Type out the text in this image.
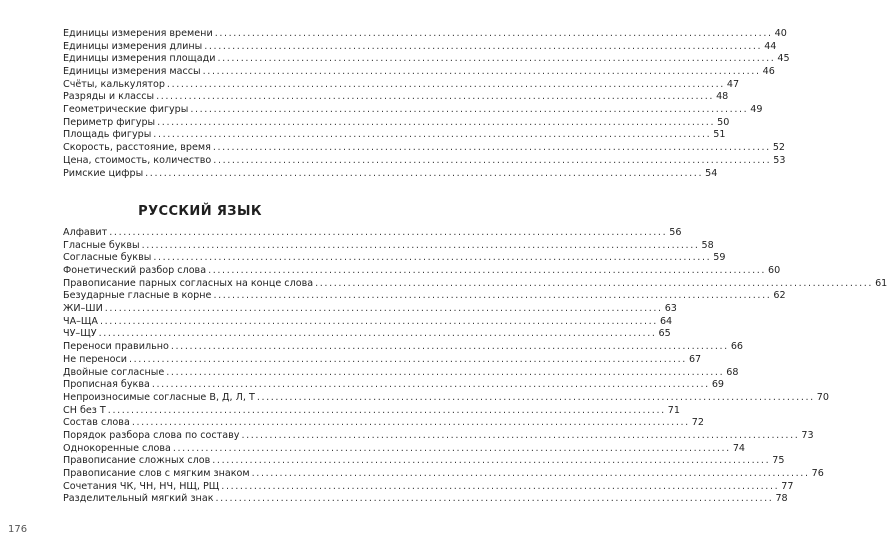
Единицы измерения времени ........................................................................................................................ 40
Единицы измерения длины ........................................................................................................................ 44
Единицы измерения площади ........................................................................................................................ 45
Единицы измерения массы ........................................................................................................................ 46
Счёты, калькулятор ........................................................................................................................ 47
Разряды и классы ........................................................................................................................ 48
Геометрические фигуры ........................................................................................................................ 49
Периметр фигуры ........................................................................................................................ 50
Площадь фигуры ........................................................................................................................ 51
Скорость, расстояние, время ........................................................................................................................ 52
Цена, стоимость, количество ........................................................................................................................ 53
Римские цифры ........................................................................................................................ 54
РУССКИЙ ЯЗЫК
Алфавит ........................................................................................................................ 56
Гласные буквы ........................................................................................................................ 58
Согласные буквы ........................................................................................................................ 59
Фонетический разбор слова ........................................................................................................................ 60
Правописание парных согласных на конце слова ........................................................................................................................ 61
Безударные гласные в корне ........................................................................................................................ 62
ЖИ–ШИ ........................................................................................................................ 63
ЧА–ЩА ........................................................................................................................ 64
ЧУ–ЩУ ........................................................................................................................ 65
Переноси правильно ........................................................................................................................ 66
Не переноси ........................................................................................................................ 67
Двойные согласные ........................................................................................................................ 68
Прописная буква ........................................................................................................................ 69
Непроизносимые согласные В, Д, Л, Т ........................................................................................................................ 70
СН без Т ........................................................................................................................ 71
Состав слова ........................................................................................................................ 72
Порядок разбора слова по составу ........................................................................................................................ 73
Однокоренные слова ........................................................................................................................ 74
Правописание сложных слов ........................................................................................................................ 75
Правописание слов с мягким знаком ........................................................................................................................ 76
Сочетания ЧК, ЧН, НЧ, НЩ, РЩ ........................................................................................................................ 77
Разделительный мягкий знак ........................................................................................................................ 78
176
